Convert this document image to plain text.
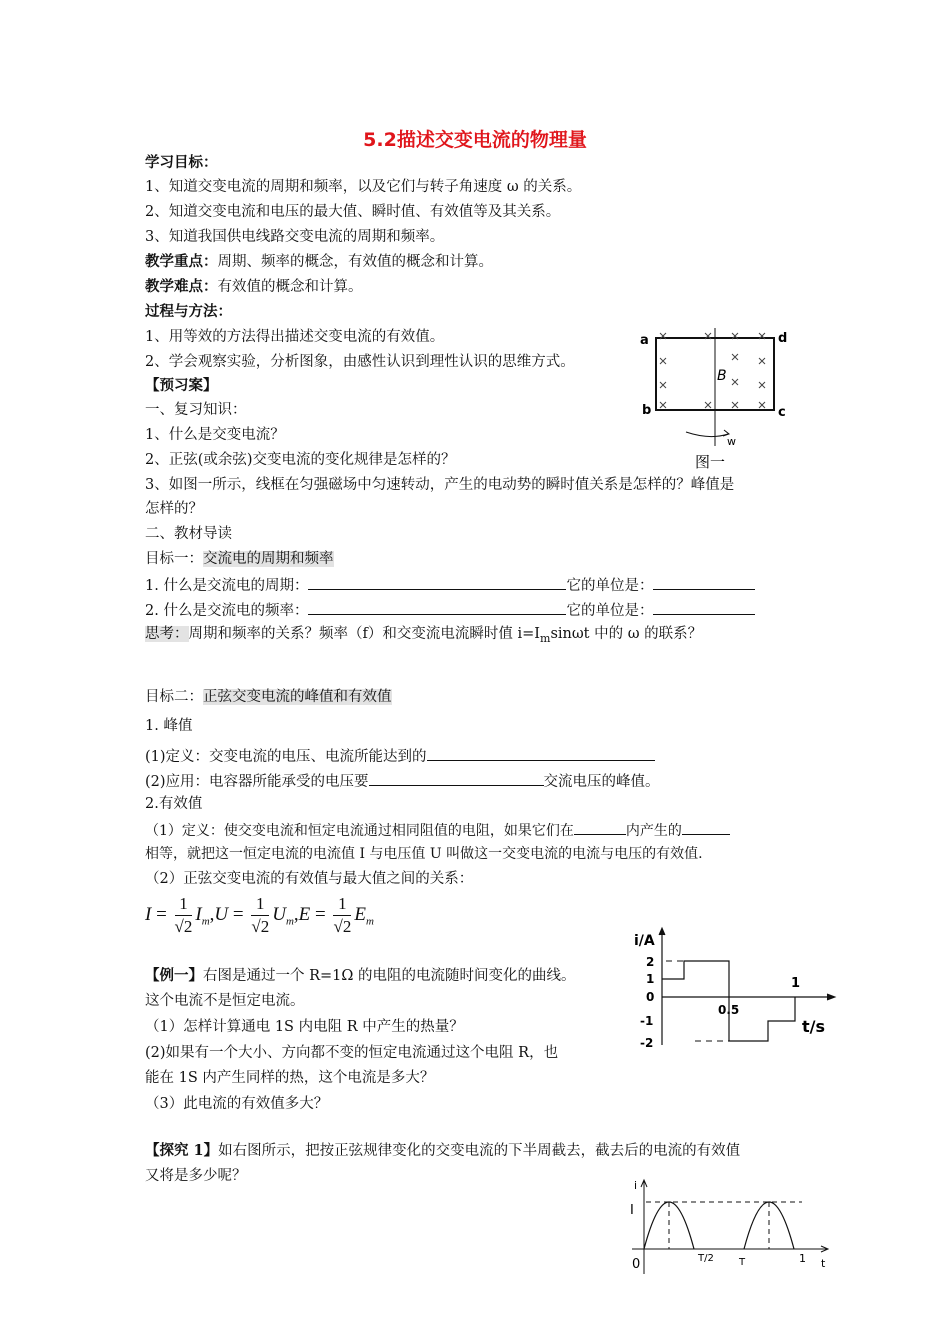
5.2描述交变电流的物理量
学习目标：
1、知道交变电流的周期和频率，以及它们与转子角速度 ω 的关系。
2、知道交变电流和电压的最大值、瞬时值、有效值等及其关系。
3、知道我国供电线路交变电流的周期和频率。
教学重点：周期、频率的概念，有效值的概念和计算。
教学难点：有效值的概念和计算。
过程与方法：
1、用等效的方法得出描述交变电流的有效值。
2、学会观察实验，分析图象，由感性认识到理性认识的思维方式。
【预习案】
一、复习知识：
1、什么是交变电流？
2、正弦(或余弦)交变电流的变化规律是怎样的？
3、如图一所示，线框在匀强磁场中匀速转动，产生的电动势的瞬时值关系是怎样的？峰值是
怎样的？
二、教材导读
目标一：交流电的周期和频率
1. 什么是交流电的周期：	它的单位是：
2. 什么是交流电的频率：	它的单位是：
思考：周期和频率的关系？频率（f）和交变流电流瞬时值 $i=I_m\sin\omega t$ 中的 ω 的联系？
目标二：正弦交变电流的峰值和有效值
1. 峰值
(1)定义：交变电流的电压、电流所能达到的
(2)应用：电容器所能承受的电压要	交流电压的峰值。
2.有效值
（1）定义：使交变电流和恒定电流通过相同阻值的电阻，如果它们在	内产生的
相等，就把这一恒定电流的电流值 I 与电压值 U 叫做这一交变电流的电流与电压的有效值.
（2）正弦交变电流的有效值与最大值之间的关系：
$I = \frac{1}{√2} I_m,U = \frac{1}{√2} U_m,E = \frac{1}{√2} E_m$
【例一】右图是通过一个 R=1Ω 的电阻的电流随时间变化的曲线。
这个电流不是恒定电流。
（1）怎样计算通电 1S 内电阻 R 中产生的热量？
(2)如果有一个大小、方向都不变的恒定电流通过这个电阻 R，也
能在 1S 内产生同样的热，这个电流是多大？
（3）此电流的有效值多大？
【探究 1】如右图所示，把按正弦规律变化的交变电流的下半周截去，截去后的电流的有效值
又将是多少呢？
a	d
b	c
B
w
图一
i/A
t/s
2
1
0
-1
-2
0.5
1
i
t
I
0	T/2	T	1
